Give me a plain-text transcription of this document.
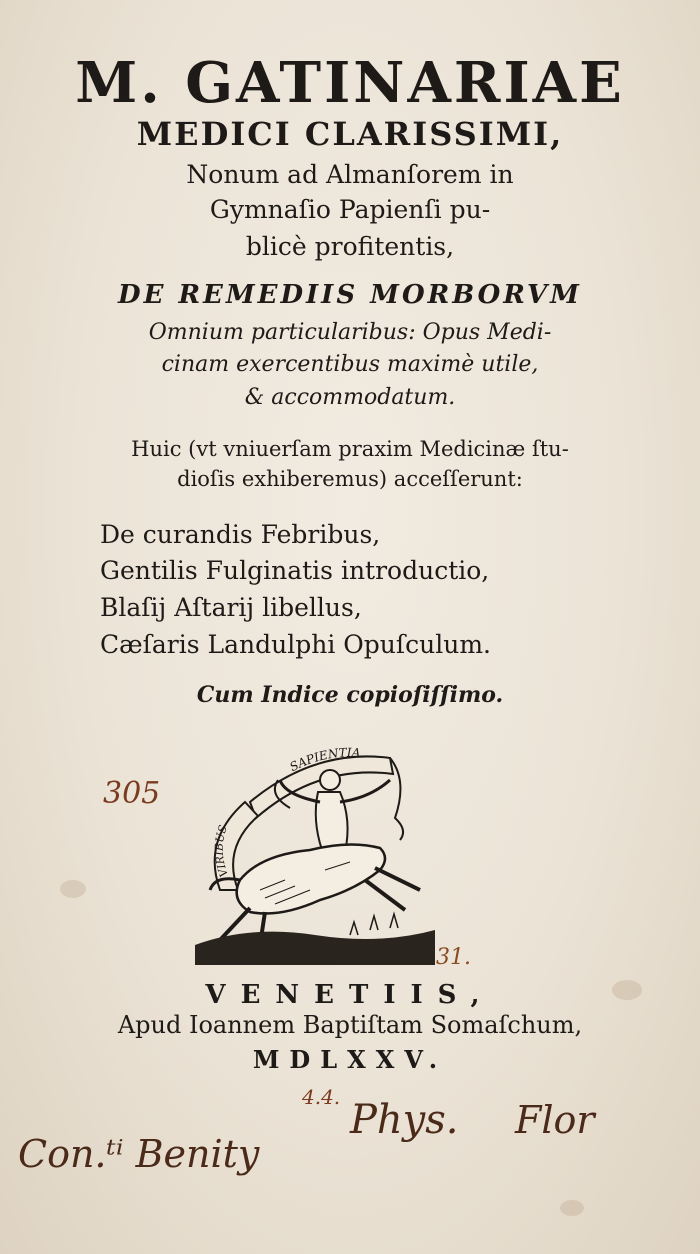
M. GATINARIAE
MEDICI CLARISSIMI,
Nonum ad Almanſorem in
Gymnaſio Papienſi pu-
blicè profitentis,
DE REMEDIIS MORBORVM
Omnium particularibus: Opus Medi-
cinam exercentibus maximè utile,
& accommodatum.
Huic (vt vniuerſam praxim Medicinæ ſtu-
dioſis exhiberemus) acceſſerunt:
De curandis Febribus,
Gentilis Fulginatis introductio,
Blaſij Aſtarij libellus,
Cæſaris Landulphi Opuſculum.
Cum Indice copioſiſſimo.
SAPIENTIA
VIRIBUS
VENETIIS,
Apud Ioannem Baptiſtam Somaſchum,
MDLXXV.
305
31.
4.4.
Con.ᵗⁱ Benity
Phys. Flor
